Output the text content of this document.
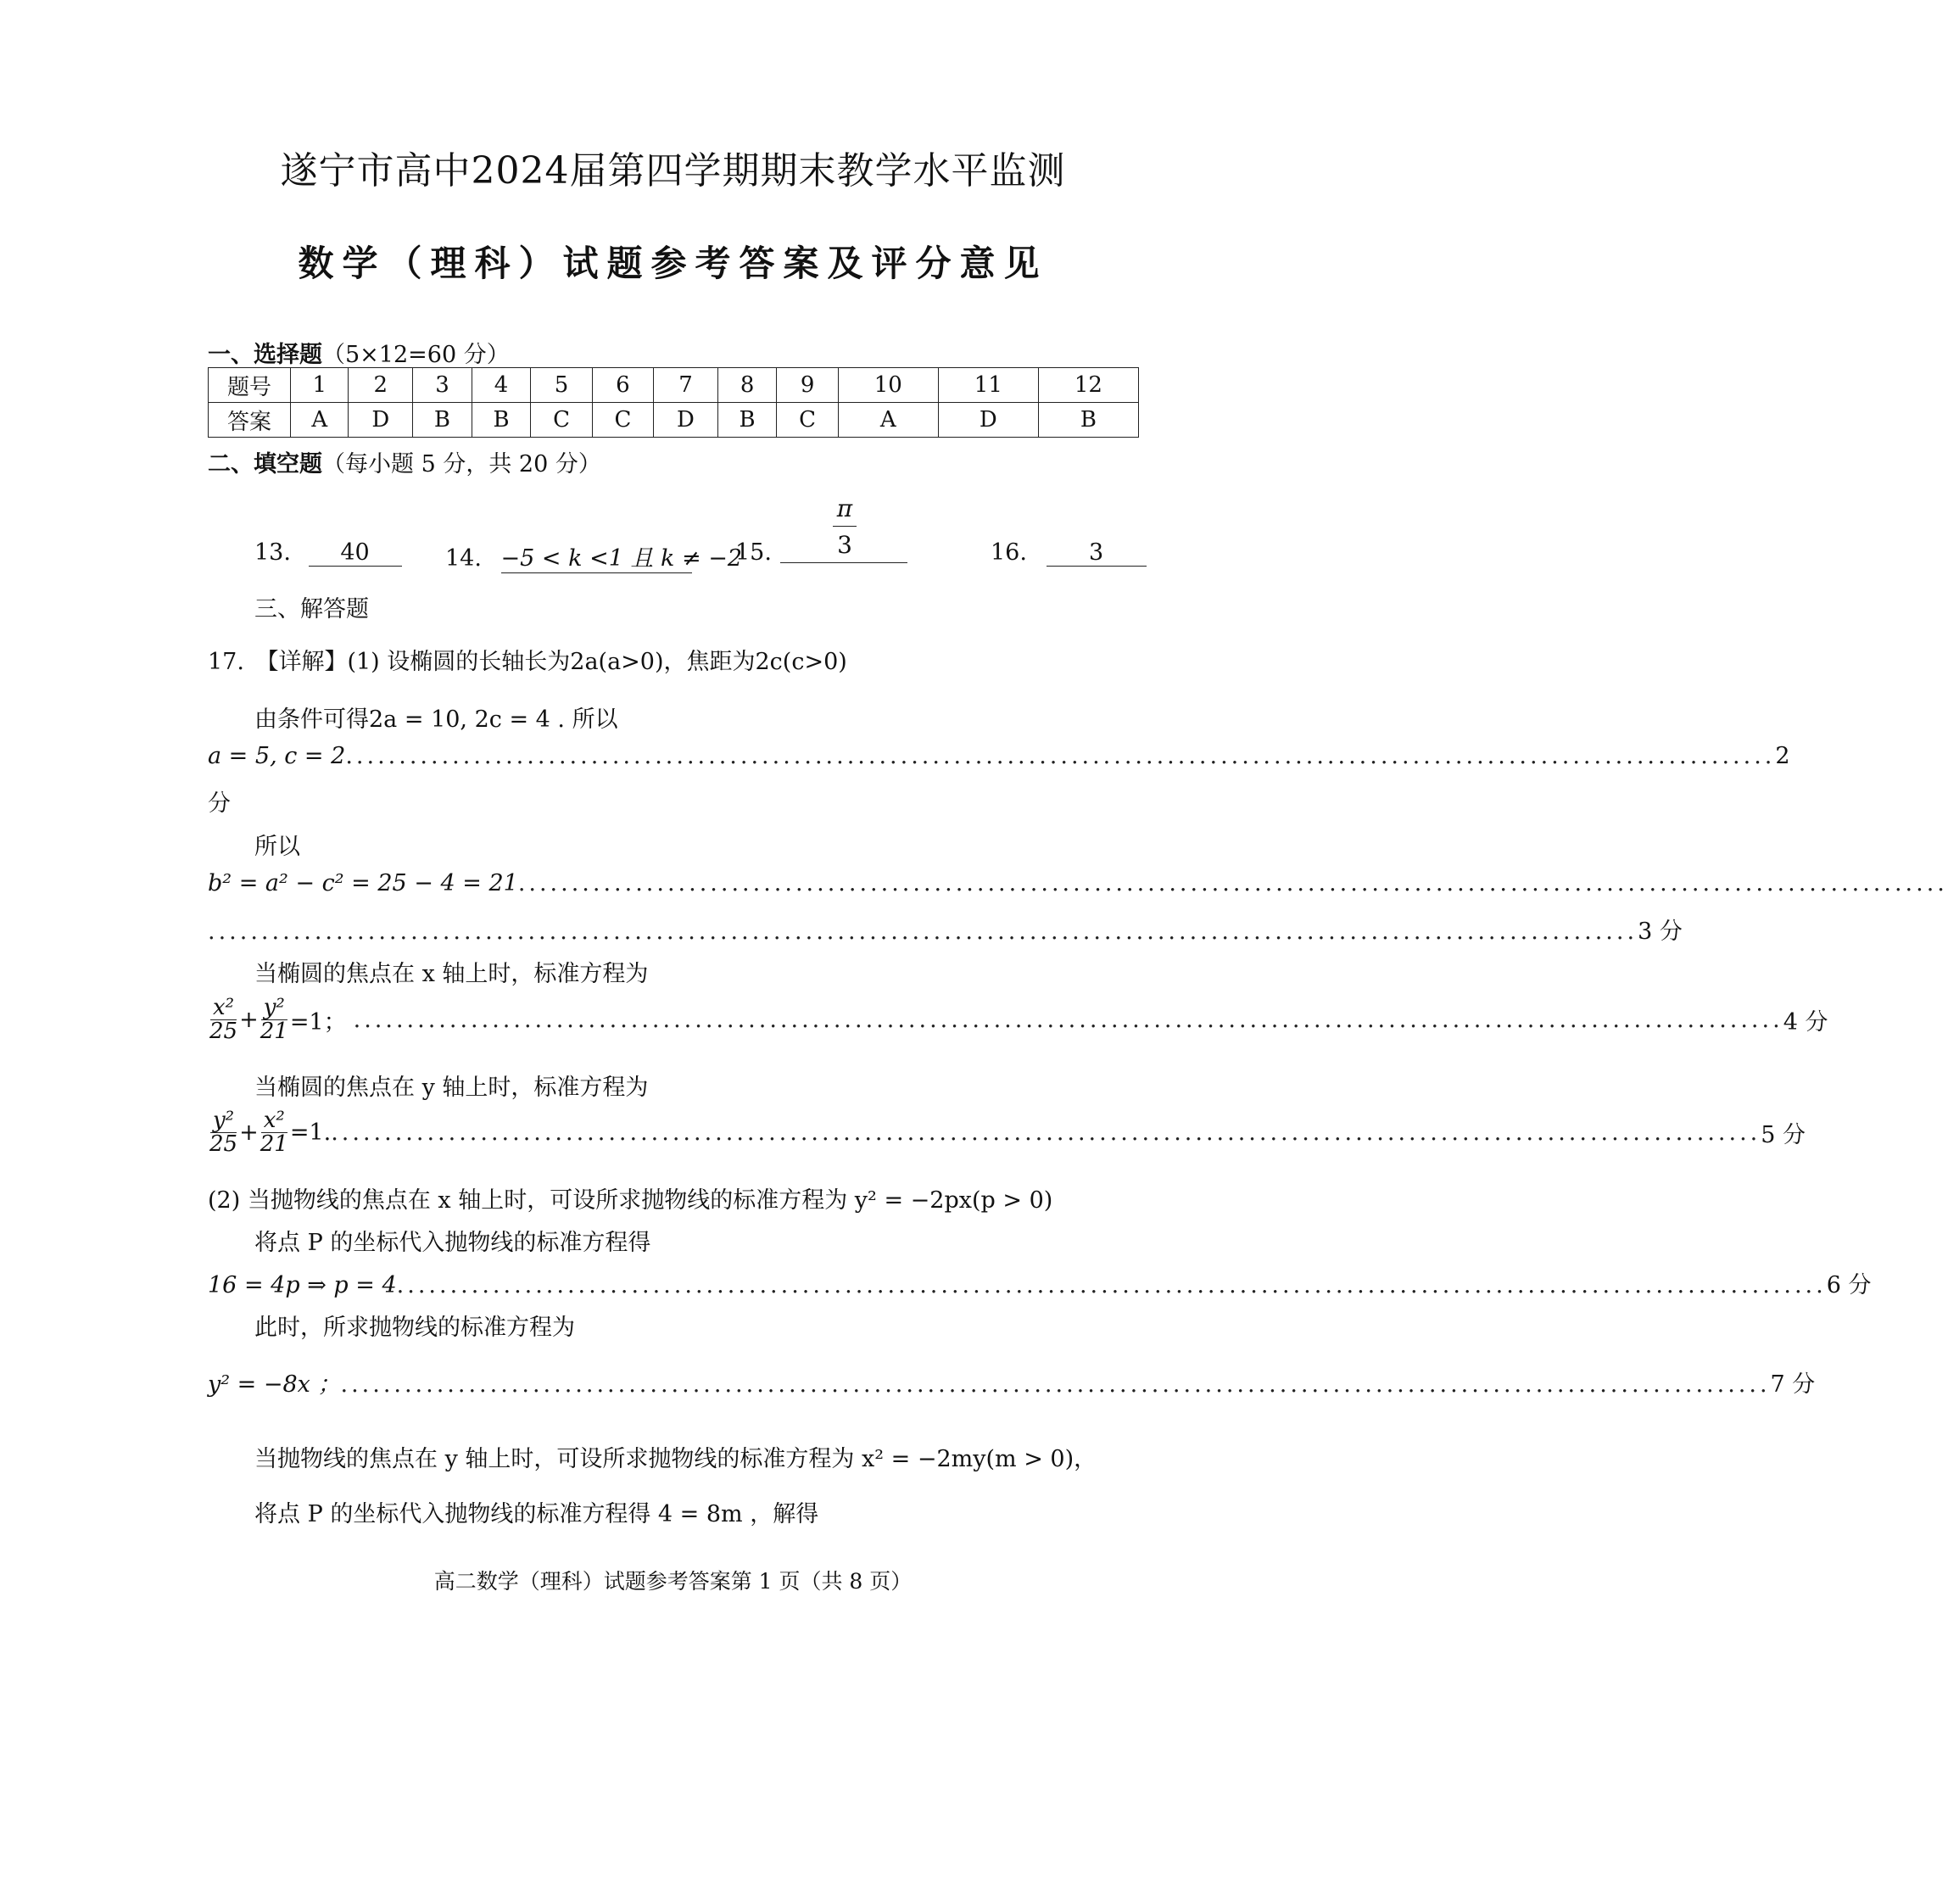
遂宁市高中2024届第四学期期末教学水平监测
数学（理科）试题参考答案及评分意见
一、选择题（5×12=60 分）
题号	1	2	3	4	5	6	7	8	9	10	11	12
答案	A	D	B	B	C	C	D	B	C	A	D	B
二、填空题（每小题 5 分，共 20 分）
13. 40	14. −5 < k <1 且 k ≠ −2
15.
π
3	16.	3
三、解答题
17.　【详解】(1) 设椭圆的长轴长为2a(a>0)，焦距为2c(c>0)
由条件可得2a = 10, 2c = 4 . 所以
a = 5, c = 2 ...................................................................................................................................... 2
分
所以
b² = a² − c² = 25 − 4 = 21 ......................................................................................................................................
...................................................................................................................................... 3 分
当椭圆的焦点在 x 轴上时，标准方程为
$\frac{\text{x²}}{25} + \frac{\text{y²}}{21} =1$； ...................................................................................................................................... 4 分
当椭圆的焦点在 y 轴上时，标准方程为
$\frac{\text{y²}}{25} + \frac{\text{x²}}{21} =1$. ...................................................................................................................................... 5 分
(2) 当抛物线的焦点在 x 轴上时，可设所求抛物线的标准方程为 y² = −2px(p > 0)
将点 P 的坐标代入抛物线的标准方程得
16 = 4p ⇒ p = 4 ...................................................................................................................................... 6 分
此时，所求抛物线的标准方程为
y² = −8x ； ...................................................................................................................................... 7 分
当抛物线的焦点在 y 轴上时，可设所求抛物线的标准方程为 x² = −2my(m > 0)，
将点 P 的坐标代入抛物线的标准方程得 4 = 8m ，解得
高二数学（理科）试题参考答案第 1 页（共 8 页）
